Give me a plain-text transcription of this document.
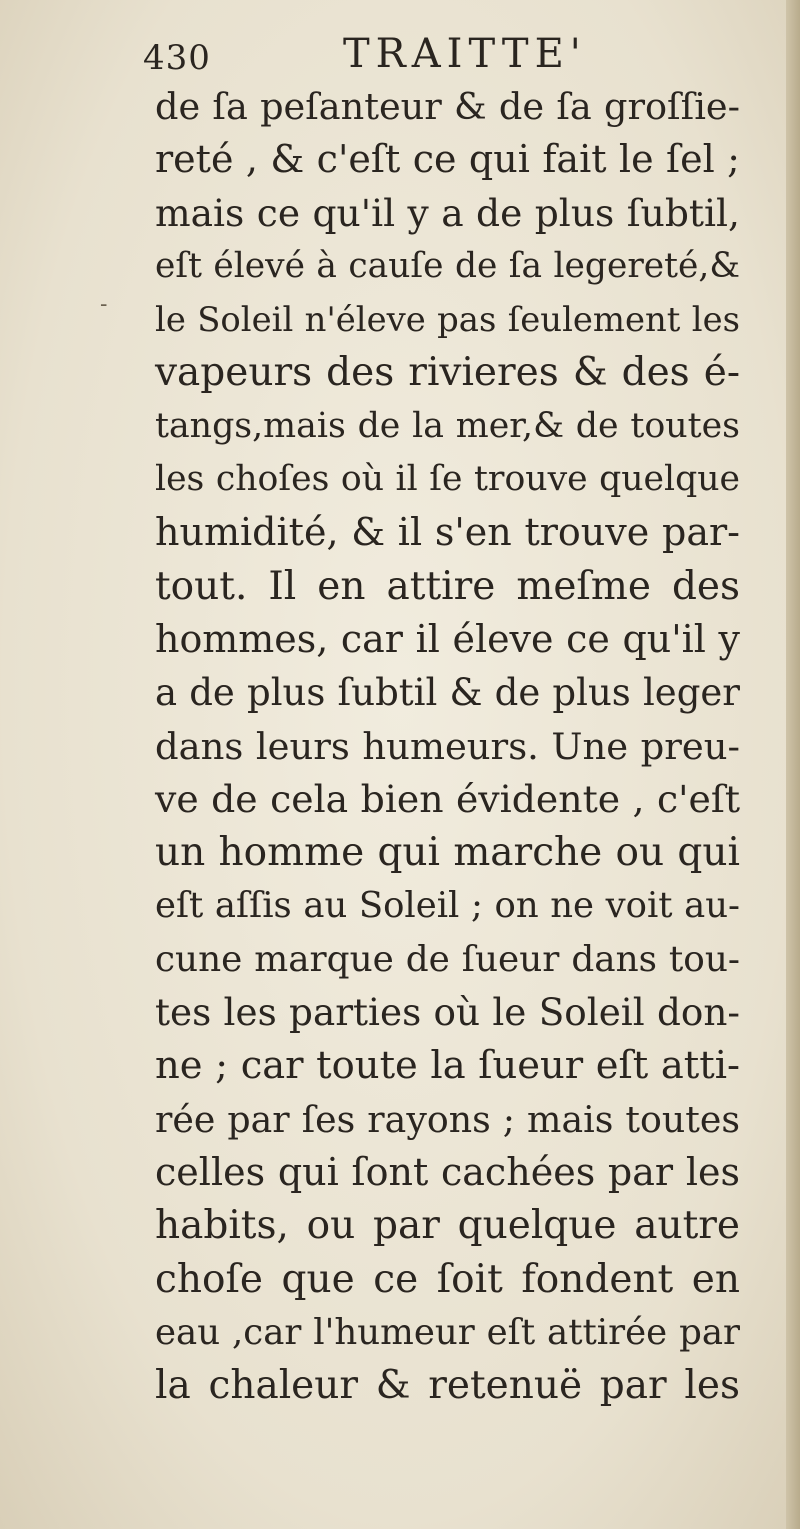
430	TRAITTE'
-
de ſa peſanteur & de ſa groſſie-
reté , & c'eſt ce qui fait le ſel ;
mais ce qu'il y a de plus ſubtil,
eſt élevé à cauſe de ſa legereté,&
le Soleil n'éleve pas ſeulement les
vapeurs des rivieres & des é-
tangs,mais de la mer,& de toutes
les choſes où il ſe trouve quelque
humidité, & il s'en trouve par-
tout. Il en attire meſme des
hommes, car il éleve ce qu'il y
a de plus ſubtil & de plus leger
dans leurs humeurs. Une preu-
ve de cela bien évidente , c'eſt
un homme qui marche ou qui
eſt aſſis au Soleil ; on ne voit au-
cune marque de ſueur dans tou-
tes les parties où le Soleil don-
ne ; car toute la ſueur eſt atti-
rée par ſes rayons ; mais toutes
celles qui ſont cachées par les
habits, ou par quelque autre
choſe que ce ſoit fondent en
eau ,car l'humeur eſt attirée par
la chaleur & retenuë par les
